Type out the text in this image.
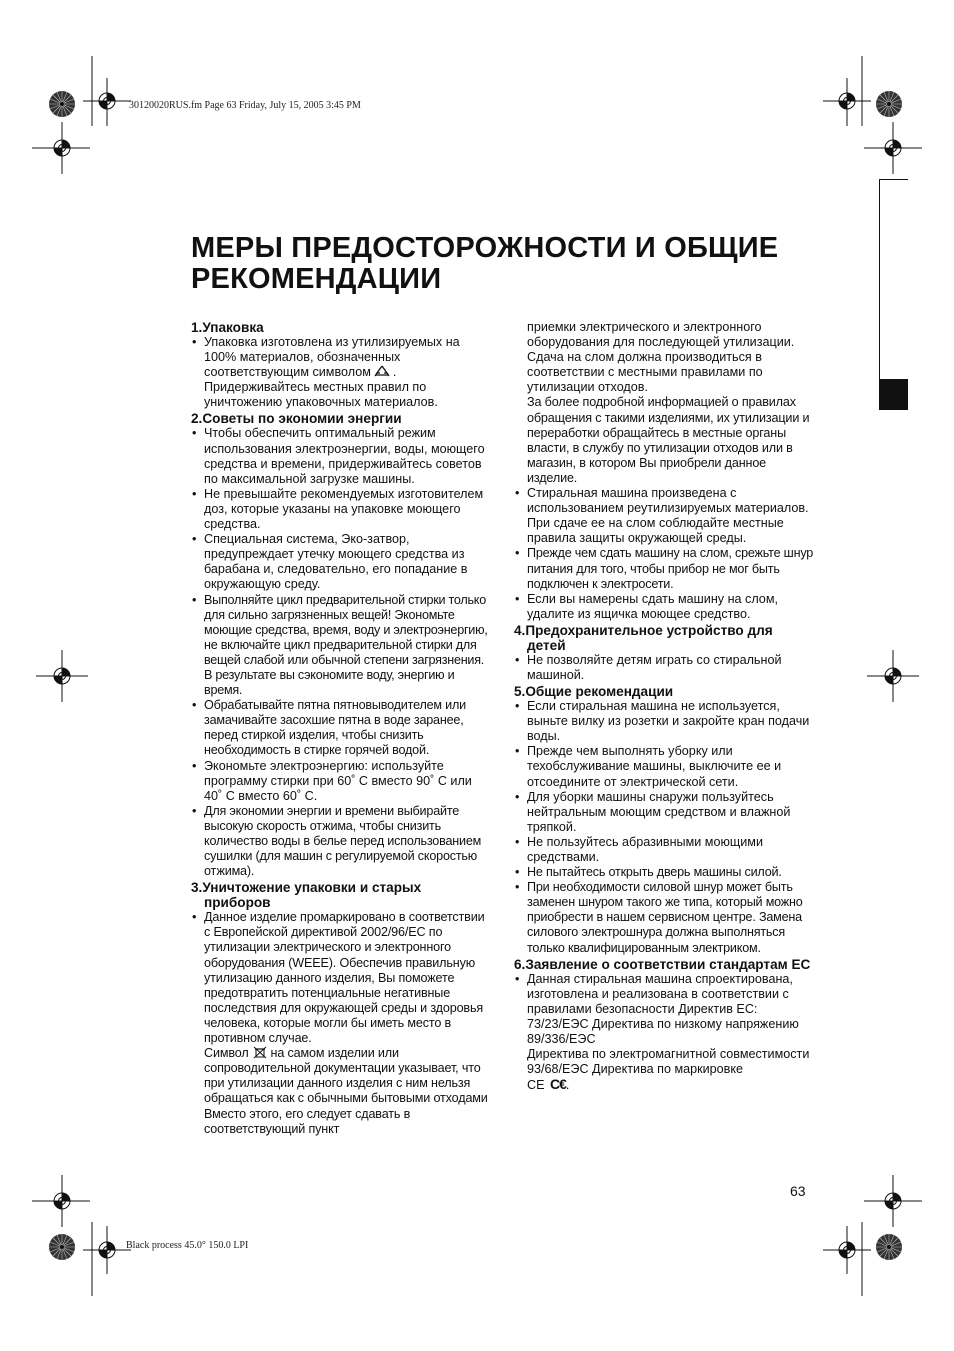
30120020RUS.fm Page 63 Friday, July 15, 2005 3:45 PM
Black process 45.0° 150.0 LPI
МЕРЫ ПРЕДОСТОРОЖНОСТИ И ОБЩИЕ РЕКОМЕНДАЦИИ

1.Упаковка

• Упаковка изготовлена из утилизируемых на 100% материалов, обозначенных соответствующим символом . Придерживайтесь местных правил по уничтожению упаковочных материалов.

2.Советы по экономии энергии

• Чтобы обеспечить оптимальный режим использования электроэнергии, воды, моющего средства и времени, придерживайтесь советов по максимальной загрузке машины.
• Не превышайте рекомендуемых изготовителем доз, которые указаны на упаковке моющего средства.
• Специальная система, Эко-затвор, предупреждает утечку моющего средства из барабана и, следовательно, его попадание в окружающую среду.
• Выполняйте цикл предварительной стирки только для сильно загрязненных вещей! Экономьте моющие средства, время, воду и электроэнергию, не включайте цикл предварительной стирки для вещей слабой или обычной степени загрязнения. В результате вы сэкономите воду, энергию и время.
• Обрабатывайте пятна пятновыводителем или замачивайте засохшие пятна в воде заранее, перед стиркой изделия, чтобы снизить необходимость в стирке горячей водой.
• Экономьте электроэнергию: используйте программу стирки при 60˚ С вместо 90˚ С или 40˚ С вместо 60˚ С.
• Для экономии энергии и времени выбирайте высокую скорость отжима, чтобы снизить количество воды в белье перед использованием сушилки (для машин с регулируемой скоростью отжима).

3.Уничтожение упаковки и старых приборов

• Данное изделие промаркировано в соответствии с Европейской директивой 2002/96/ЕС по утилизации электрического и электронного оборудования (WEEE). Обеспечив правильную утилизацию данного изделия, Вы поможете предотвратить потенциальные негативные последствия для окружающей среды и здоровья человека, которые могли бы иметь место в противном случае.
Символ на самом изделии или сопроводительной документации указывает, что при утилизации данного изделия с ним нельзя обращаться как с обычными бытовыми отходами Вместо этого, его следует сдавать в соответствующий пункт
приемки электрического и электронного оборудования для последующей утилизации. Сдача на слом должна производиться в соответствии с местными правилами по утилизации отходов.
За более подробной информацией о правилах обращения с такими изделиями, их утилизации и переработки обращайтесь в местные органы власти, в службу по утилизации отходов или в магазин, в котором Вы приобрели данное изделие.
• Стиральная машина произведена с использованием реутилизируемых материалов. При сдаче ее на слом соблюдайте местные правила защиты окружающей среды.
• Прежде чем сдать машину на слом, срежьте шнур питания для того, чтобы прибор не мог быть подключен к электросети.
• Если вы намерены сдать машину на слом, удалите из ящичка моющее средство.

4.Предохранительное устройство для детей

• Не позволяйте детям играть со стиральной машиной.

5.Общие рекомендации

• Если стиральная машина не используется, выньте вилку из розетки и закройте кран подачи воды.
• Прежде чем выполнять уборку или техобслуживание машины, выключите ее и отсоедините от электрической сети.
• Для уборки машины снаружи пользуйтесь нейтральным моющим средством и влажной тряпкой.
• Не пользуйтесь абразивными моющими средствами.
• Не пытайтесь открыть дверь машины силой.
• При необходимости силовой шнур может быть заменен шнуром такого же типа, который можно приобрести в нашем сервисном центре. Замена силового электрошнура должна выполняться только квалифицированным электриком.

6.Заявление о соответствии стандартам ЕС

• Данная стиральная машина спроектирована, изготовлена и реализована в соответствии с правилами безопасности Директив ЕС:
73/23/ЕЭС Директива по низкому напряжению 89/336/ЕЭС
Директива по электромагнитной совместимости
93/68/ЕЭС Директива по маркировке
CE C€.
63
